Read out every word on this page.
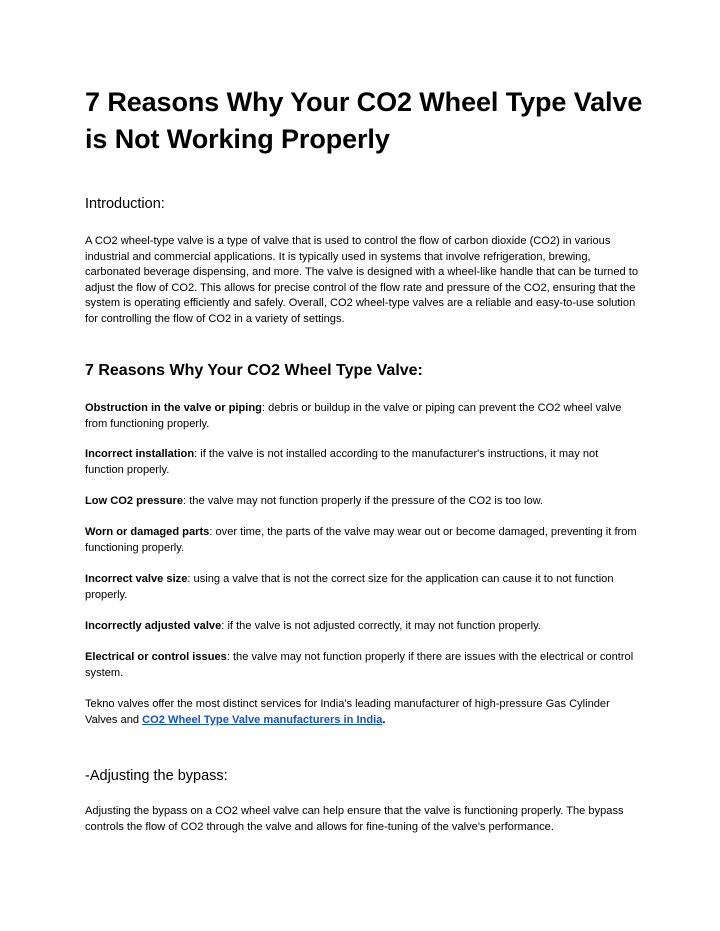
7 Reasons Why Your CO2 Wheel Type Valve is Not Working Properly

Introduction:

A CO2 wheel-type valve is a type of valve that is used to control the flow of carbon dioxide (CO2) in various industrial and commercial applications. It is typically used in systems that involve refrigeration, brewing, carbonated beverage dispensing, and more. The valve is designed with a wheel-like handle that can be turned to adjust the flow of CO2. This allows for precise control of the flow rate and pressure of the CO2, ensuring that the system is operating efficiently and safely. Overall, CO2 wheel-type valves are a reliable and easy-to-use solution for controlling the flow of CO2 in a variety of settings.

7 Reasons Why Your CO2 Wheel Type Valve:

Obstruction in the valve or piping: debris or buildup in the valve or piping can prevent the CO2 wheel valve from functioning properly.

Incorrect installation: if the valve is not installed according to the manufacturer's instructions, it may not function properly.

Low CO2 pressure: the valve may not function properly if the pressure of the CO2 is too low.

Worn or damaged parts: over time, the parts of the valve may wear out or become damaged, preventing it from functioning properly.

Incorrect valve size: using a valve that is not the correct size for the application can cause it to not function properly.

Incorrectly adjusted valve: if the valve is not adjusted correctly, it may not function properly.

Electrical or control issues: the valve may not function properly if there are issues with the electrical or control system.

Tekno valves offer the most distinct services for India's leading manufacturer of high-pressure Gas Cylinder Valves and CO2 Wheel Type Valve manufacturers in India.

-Adjusting the bypass:

Adjusting the bypass on a CO2 wheel valve can help ensure that the valve is functioning properly. The bypass controls the flow of CO2 through the valve and allows for fine-tuning of the valve's performance.
